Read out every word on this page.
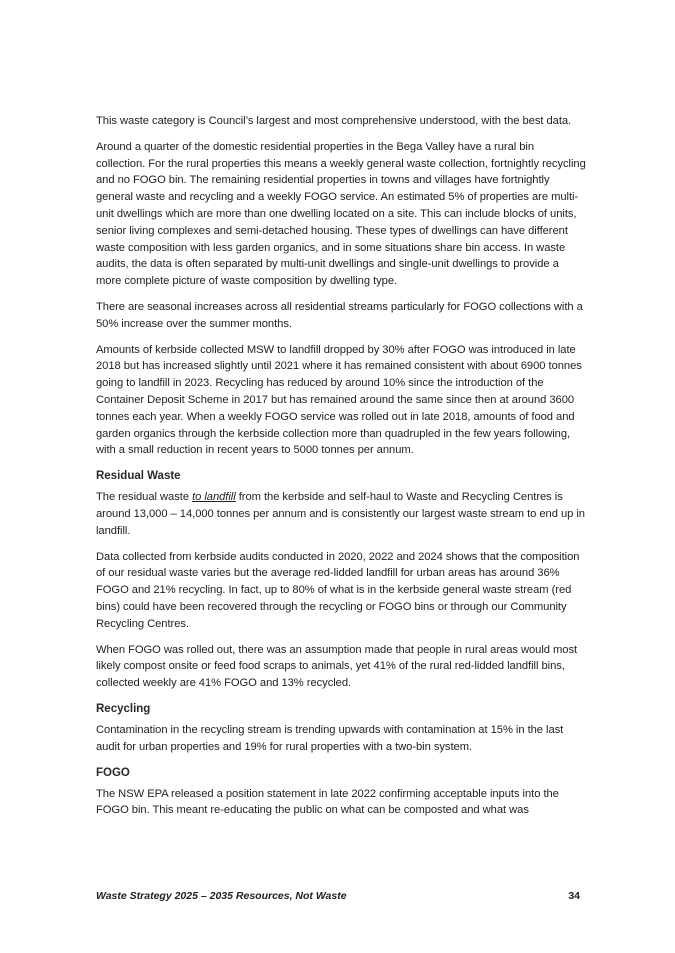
This waste category is Council’s largest and most comprehensive understood, with the best data.

Around a quarter of the domestic residential properties in the Bega Valley have a rural bin collection. For the rural properties this means a weekly general waste collection, fortnightly recycling and no FOGO bin. The remaining residential properties in towns and villages have fortnightly general waste and recycling and a weekly FOGO service. An estimated 5% of properties are multi-unit dwellings which are more than one dwelling located on a site. This can include blocks of units, senior living complexes and semi-detached housing. These types of dwellings can have different waste composition with less garden organics, and in some situations share bin access. In waste audits, the data is often separated by multi-unit dwellings and single-unit dwellings to provide a more complete picture of waste composition by dwelling type.

There are seasonal increases across all residential streams particularly for FOGO collections with a 50% increase over the summer months.

Amounts of kerbside collected MSW to landfill dropped by 30% after FOGO was introduced in late 2018 but has increased slightly until 2021 where it has remained consistent with about 6900 tonnes going to landfill in 2023. Recycling has reduced by around 10% since the introduction of the Container Deposit Scheme in 2017 but has remained around the same since then at around 3600 tonnes each year. When a weekly FOGO service was rolled out in late 2018, amounts of food and garden organics through the kerbside collection more than quadrupled in the few years following, with a small reduction in recent years to 5000 tonnes per annum.

Residual Waste

The residual waste to landfill from the kerbside and self-haul to Waste and Recycling Centres is around 13,000 – 14,000 tonnes per annum and is consistently our largest waste stream to end up in landfill.

Data collected from kerbside audits conducted in 2020, 2022 and 2024 shows that the composition of our residual waste varies but the average red-lidded landfill for urban areas has around 36% FOGO and 21% recycling. In fact, up to 80% of what is in the kerbside general waste stream (red bins) could have been recovered through the recycling or FOGO bins or through our Community Recycling Centres.

When FOGO was rolled out, there was an assumption made that people in rural areas would most likely compost onsite or feed food scraps to animals, yet 41% of the rural red-lidded landfill bins, collected weekly are 41% FOGO and 13% recycled.

Recycling

Contamination in the recycling stream is trending upwards with contamination at 15% in the last audit for urban properties and 19% for rural properties with a two-bin system.

FOGO

The NSW EPA released a position statement in late 2022 confirming acceptable inputs into the FOGO bin. This meant re-educating the public on what can be composted and what was

Waste Strategy 2025 – 2035 Resources, Not Waste	34
